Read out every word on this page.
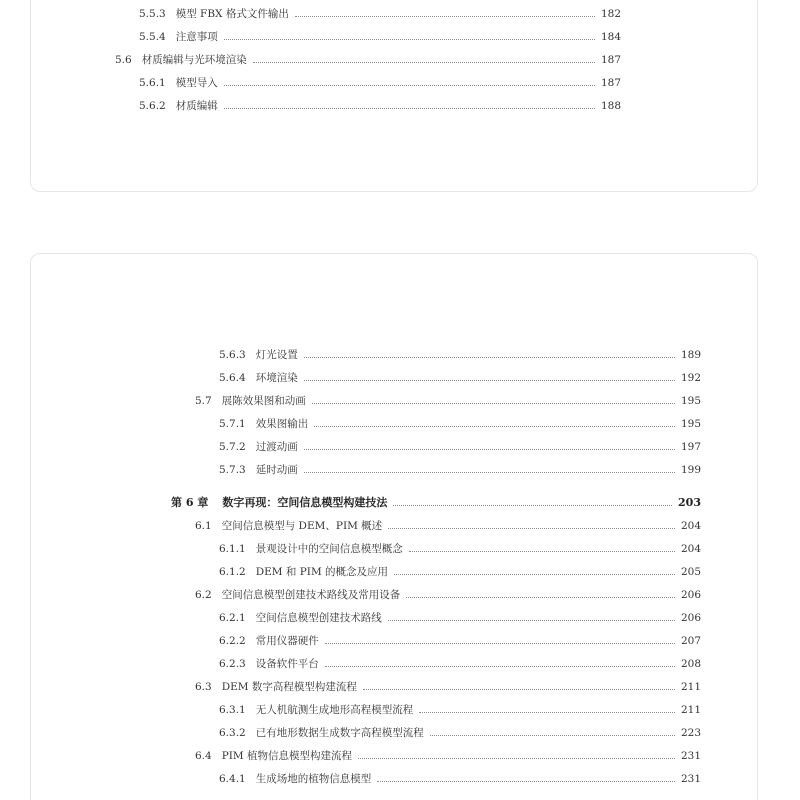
5.5.3 模型 FBX 格式文件输出	182
5.5.4 注意事项	184
5.6 材质编辑与光环境渲染	187
5.6.1 模型导入	187
5.6.2 材质编辑	188
5.6.3 灯光设置	189
5.6.4 环境渲染	192
5.7 展陈效果图和动画	195
5.7.1 效果图输出	195
5.7.2 过渡动画	197
5.7.3 延时动画	199
第 6 章 数字再现：空间信息模型构建技法	203
6.1 空间信息模型与 DEM、PIM 概述	204
6.1.1 景观设计中的空间信息模型概念	204
6.1.2 DEM 和 PIM 的概念及应用	205
6.2 空间信息模型创建技术路线及常用设备	206
6.2.1 空间信息模型创建技术路线	206
6.2.2 常用仪器硬件	207
6.2.3 设备软件平台	208
6.3 DEM 数字高程模型构建流程	211
6.3.1 无人机航测生成地形高程模型流程	211
6.3.2 已有地形数据生成数字高程模型流程	223
6.4 PIM 植物信息模型构建流程	231
6.4.1 生成场地的植物信息模型	231
